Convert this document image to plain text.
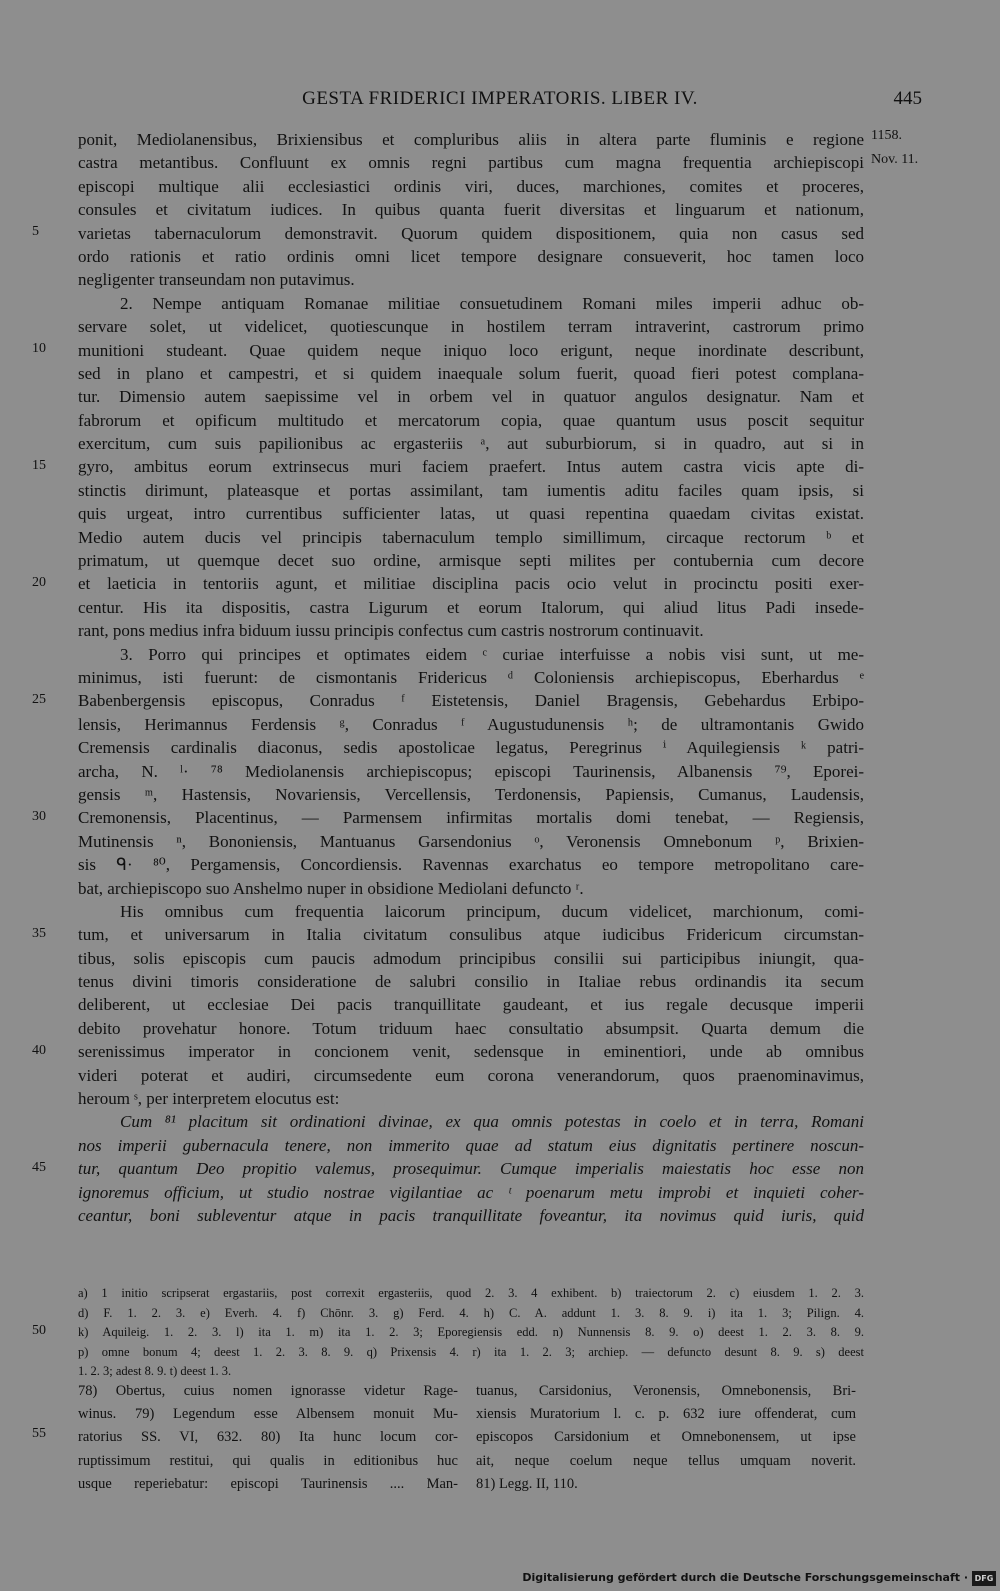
GESTA FRIDERICI IMPERATORIS. LIBER IV.	445
1158.
Nov. 11.
5
10
15
20
25
30
35
40
45
50
55
ponit, Mediolanensibus, Brixiensibus et compluribus aliis in altera parte fluminis e regione
castra metantibus. Confluunt ex omnis regni partibus cum magna frequentia archiepiscopi
episcopi multique alii ecclesiastici ordinis viri, duces, marchiones, comites et proceres,
consules et civitatum iudices. In quibus quanta fuerit diversitas et linguarum et nationum,
varietas tabernaculorum demonstravit. Quorum quidem dispositionem, quia non casus sed
ordo rationis et ratio ordinis omni licet tempore designare consueverit, hoc tamen loco
negligenter transeundam non putavimus.
2. Nempe antiquam Romanae militiae consuetudinem Romani miles imperii adhuc ob-
servare solet, ut videlicet, quotiescunque in hostilem terram intraverint, castrorum primo
munitioni studeant. Quae quidem neque iniquo loco erigunt, neque inordinate describunt,
sed in plano et campestri, et si quidem inaequale solum fuerit, quoad fieri potest complana-
tur. Dimensio autem saepissime vel in orbem vel in quatuor angulos designatur. Nam et
fabrorum et opificum multitudo et mercatorum copia, quae quantum usus poscit sequitur
exercitum, cum suis papilionibus ac ergasteriis ᵃ, aut suburbiorum, si in quadro, aut si in
gyro, ambitus eorum extrinsecus muri faciem praefert. Intus autem castra vicis apte di-
stinctis dirimunt, plateasque et portas assimilant, tam iumentis aditu faciles quam ipsis, si
quis urgeat, intro currentibus sufficienter latas, ut quasi repentina quaedam civitas existat.
Medio autem ducis vel principis tabernaculum templo simillimum, circaque rectorum ᵇ et
primatum, ut quemque decet suo ordine, armisque septi milites per contubernia cum decore
et laeticia in tentoriis agunt, et militiae disciplina pacis ocio velut in procinctu positi exer-
centur. His ita dispositis, castra Ligurum et eorum Italorum, qui aliud litus Padi insede-
rant, pons medius infra biduum iussu principis confectus cum castris nostrorum continuavit.
3. Porro qui principes et optimates eidem ᶜ curiae interfuisse a nobis visi sunt, ut me-
minimus, isti fuerunt: de cismontanis Fridericus ᵈ Coloniensis archiepiscopus, Eberhardus ᵉ
Babenbergensis episcopus, Conradus ᶠ Eistetensis, Daniel Bragensis, Gebehardus Erbipo-
lensis, Herimannus Ferdensis ᵍ, Conradus ᶠ Augustudunensis ʰ; de ultramontanis Gwido
Cremensis cardinalis diaconus, sedis apostolicae legatus, Peregrinus ⁱ Aquilegiensis ᵏ patri-
archa, N. ˡ· ⁷⁸ Mediolanensis archiepiscopus; episcopi Taurinensis, Albanensis ⁷⁹, Eporei-
gensis ᵐ, Hastensis, Novariensis, Vercellensis, Terdonensis, Papiensis, Cumanus, Laudensis,
Cremonensis, Placentinus, — Parmensem infirmitas mortalis domi tenebat, — Regiensis,
Mutinensis ⁿ, Bononiensis, Mantuanus Garsendonius ᵒ, Veronensis Omnebonum ᵖ, Brixien-
sis ᑫ· ⁸⁰, Pergamensis, Concordiensis. Ravennas exarchatus eo tempore metropolitano care-
bat, archiepiscopo suo Anshelmo nuper in obsidione Mediolani defuncto ʳ.
His omnibus cum frequentia laicorum principum, ducum videlicet, marchionum, comi-
tum, et universarum in Italia civitatum consulibus atque iudicibus Fridericum circumstan-
tibus, solis episcopis cum paucis admodum principibus consilii sui participibus iniungit, qua-
tenus divini timoris consideratione de salubri consilio in Italiae rebus ordinandis ita secum
deliberent, ut ecclesiae Dei pacis tranquillitate gaudeant, et ius regale decusque imperii
debito provehatur honore. Totum triduum haec consultatio absumpsit. Quarta demum die
serenissimus imperator in concionem venit, sedensque in eminentiori, unde ab omnibus
videri poterat et audiri, circumsedente eum corona venerandorum, quos praenominavimus,
heroum ˢ, per interpretem elocutus est:
Cum ⁸¹ placitum sit ordinationi divinae, ex qua omnis potestas in coelo et in terra, Romani
nos imperii gubernacula tenere, non immerito quae ad statum eius dignitatis pertinere noscun-
tur, quantum Deo propitio valemus, prosequimur. Cumque imperialis maiestatis hoc esse non
ignoremus officium, ut studio nostrae vigilantiae ac ᵗ poenarum metu improbi et inquieti coher-
ceantur, boni subleventur atque in pacis tranquillitate foveantur, ita novimus quid iuris, quid
a) 1 initio scripserat ergastariis, post correxit ergasteriis, quod 2. 3. 4 exhibent. b) traiectorum 2. c) eiusdem 1. 2. 3.
d) F. 1. 2. 3. e) Everh. 4. f) Chōnr. 3. g) Ferd. 4. h) C. A. addunt 1. 3. 8. 9. i) ita 1. 3; Pilign. 4.
k) Aquileig. 1. 2. 3. l) ita 1. m) ita 1. 2. 3; Eporegiensis edd. n) Nunnensis 8. 9. o) deest 1. 2. 3. 8. 9.
p) omne bonum 4; deest 1. 2. 3. 8. 9. q) Prixensis 4. r) ita 1. 2. 3; archiep. — defuncto desunt 8. 9. s) deest
1. 2. 3; adest 8. 9. t) deest 1. 3.
78) Obertus, cuius nomen ignorasse videtur Rage-
winus. 79) Legendum esse Albensem monuit Mu-
ratorius SS. VI, 632. 80) Ita hunc locum cor-
ruptissimum restitui, qui qualis in editionibus huc
usque reperiebatur: episcopi Taurinensis .... Man-
tuanus, Carsidonius, Veronensis, Omnebonensis, Bri-
xiensis Muratorium l. c. p. 632 iure offenderat, cum
episcopos Carsidonium et Omnebonensem, ut ipse
ait, neque coelum neque tellus umquam noverit.
81) Legg. II, 110.
Digitalisierung gefördert durch die Deutsche Forschungsgemeinschaft · DFG
